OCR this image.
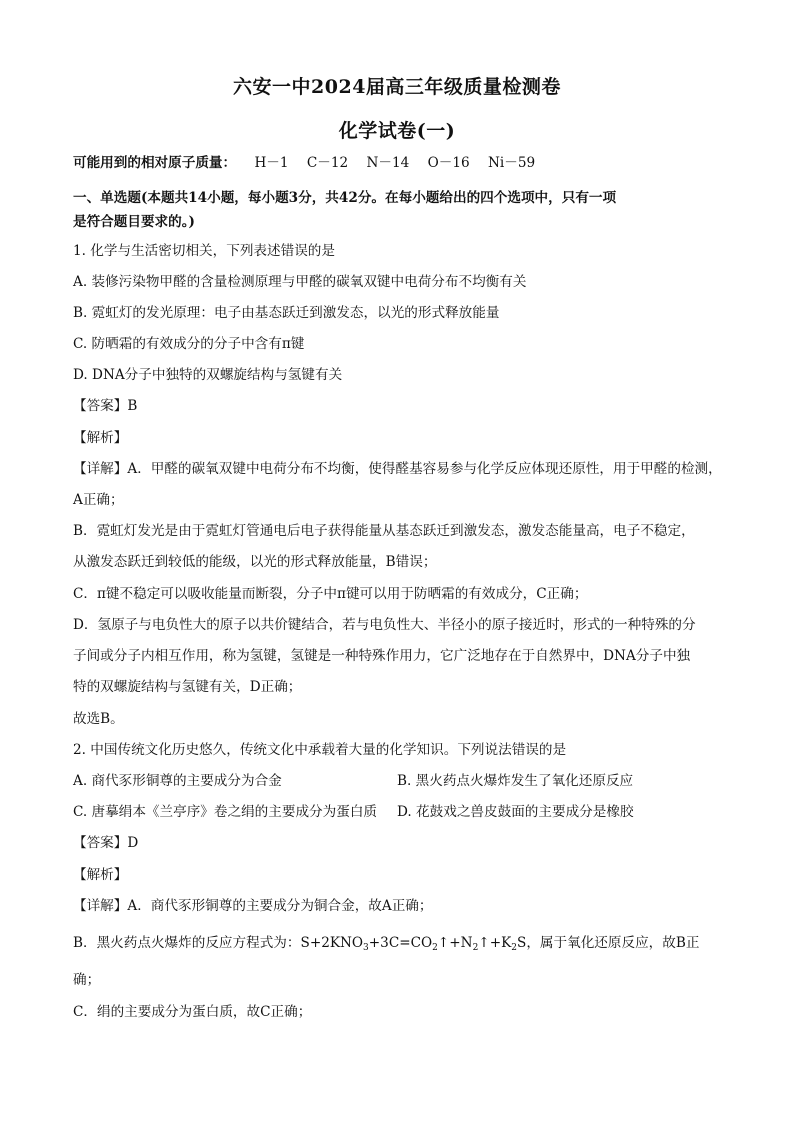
六安一中2024届高三年级质量检测卷
化学试卷(一)
可能用到的相对原子质量： H－1 C－12 N－14 O－16 Ni－59
一、单选题(本题共14小题，每小题3分，共42分。在每小题给出的四个选项中，只有一项
是符合题目要求的。)
1. 化学与生活密切相关，下列表述错误的是
A. 装修污染物甲醛的含量检测原理与甲醛的碳氧双键中电荷分布不均衡有关
B. 霓虹灯的发光原理：电子由基态跃迁到激发态，以光的形式释放能量
C. 防晒霜的有效成分的分子中含有π键
D. DNA分子中独特的双螺旋结构与氢键有关
【答案】B
【解析】
【详解】A．甲醛的碳氧双键中电荷分布不均衡，使得醛基容易参与化学反应体现还原性，用于甲醛的检测，
A正确；
B．霓虹灯发光是由于霓虹灯管通电后电子获得能量从基态跃迁到激发态，激发态能量高，电子不稳定，
从激发态跃迁到较低的能级，以光的形式释放能量，B错误；
C．π键不稳定可以吸收能量而断裂，分子中π键可以用于防晒霜的有效成分，C正确；
D．氢原子与电负性大的原子以共价键结合，若与电负性大、半径小的原子接近时，形式的一种特殊的分
子间或分子内相互作用，称为氢键，氢键是一种特殊作用力，它广泛地存在于自然界中，DNA分子中独
特的双螺旋结构与氢键有关，D正确；
故选B。
2. 中国传统文化历史悠久，传统文化中承载着大量的化学知识。下列说法错误的是
A. 商代豕形铜尊的主要成分为合金	B. 黑火药点火爆炸发生了氧化还原反应
C. 唐摹绢本《兰亭序》卷之绢的主要成分为蛋白质 D. 花鼓戏之兽皮鼓面的主要成分是橡胶
【答案】D
【解析】
【详解】A．商代豕形铜尊的主要成分为铜合金，故A正确；
B．黑火药点火爆炸的反应方程式为：$S+2KNO_3+3C=CO_2↑+N_2↑+K_2S$，属于氧化还原反应，故B正
确；
C．绢的主要成分为蛋白质，故C正确；
